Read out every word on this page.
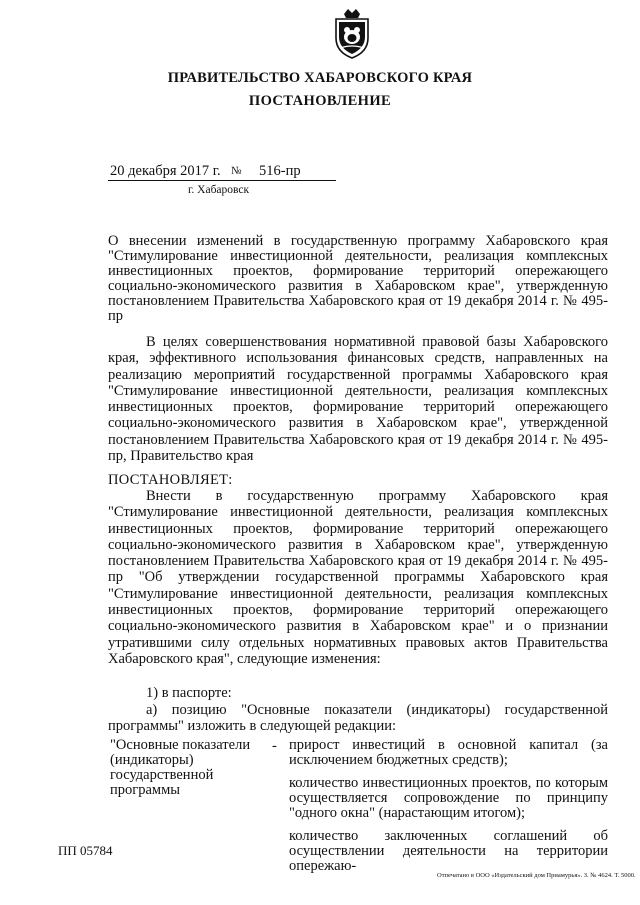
ПРАВИТЕЛЬСТВО ХАБАРОВСКОГО КРАЯ
ПОСТАНОВЛЕНИЕ
20 декабря 2017 г. № 516-пр
г. Хабаровск
О внесении изменений в государственную программу Хабаровского края "Стимулирование инвестиционной деятельности, реализация комплексных инвестиционных проектов, формирование территорий опережающего социально-экономического развития в Хабаровском крае", утвержденную постановлением Правительства Хабаровского края от 19 декабря 2014 г. № 495-пр
В целях совершенствования нормативной правовой базы Хабаровского края, эффективного использования финансовых средств, направленных на реализацию мероприятий государственной программы Хабаровского края "Стимулирование инвестиционной деятельности, реализация комплексных инвестиционных проектов, формирование территорий опережающего социально-экономического развития в Хабаровском крае", утвержденной постановлением Правительства Хабаровского края от 19 декабря 2014 г. № 495-пр, Правительство края
ПОСТАНОВЛЯЕТ:
Внести в государственную программу Хабаровского края "Стимулирование инвестиционной деятельности, реализация комплексных инвестиционных проектов, формирование территорий опережающего социально-экономического развития в Хабаровском крае", утвержденную постановлением Правительства Хабаровского края от 19 декабря 2014 г. № 495-пр "Об утверждении государственной программы Хабаровского края "Стимулирование инвестиционной деятельности, реализация комплексных инвестиционных проектов, формирование территорий опережающего социально-экономического развития в Хабаровском крае" и о признании утратившими силу отдельных нормативных правовых актов Правительства Хабаровского края", следующие изменения:
1) в паспорте:
а) позицию "Основные показатели (индикаторы) государственной программы" изложить в следующей редакции:
"Основные показатели (индикаторы) государственной программы
- прирост инвестиций в основной капитал (за исключением бюджетных средств);

количество инвестиционных проектов, по которым осуществляется сопровождение по принципу "одного окна" (нарастающим итогом);

количество заключенных соглашений об осуществлении деятельности на территории опережаю-

ПП 05784
Отпечатано в ООО «Издательский дом Приамурья». З. № 4624. Т. 5000.
